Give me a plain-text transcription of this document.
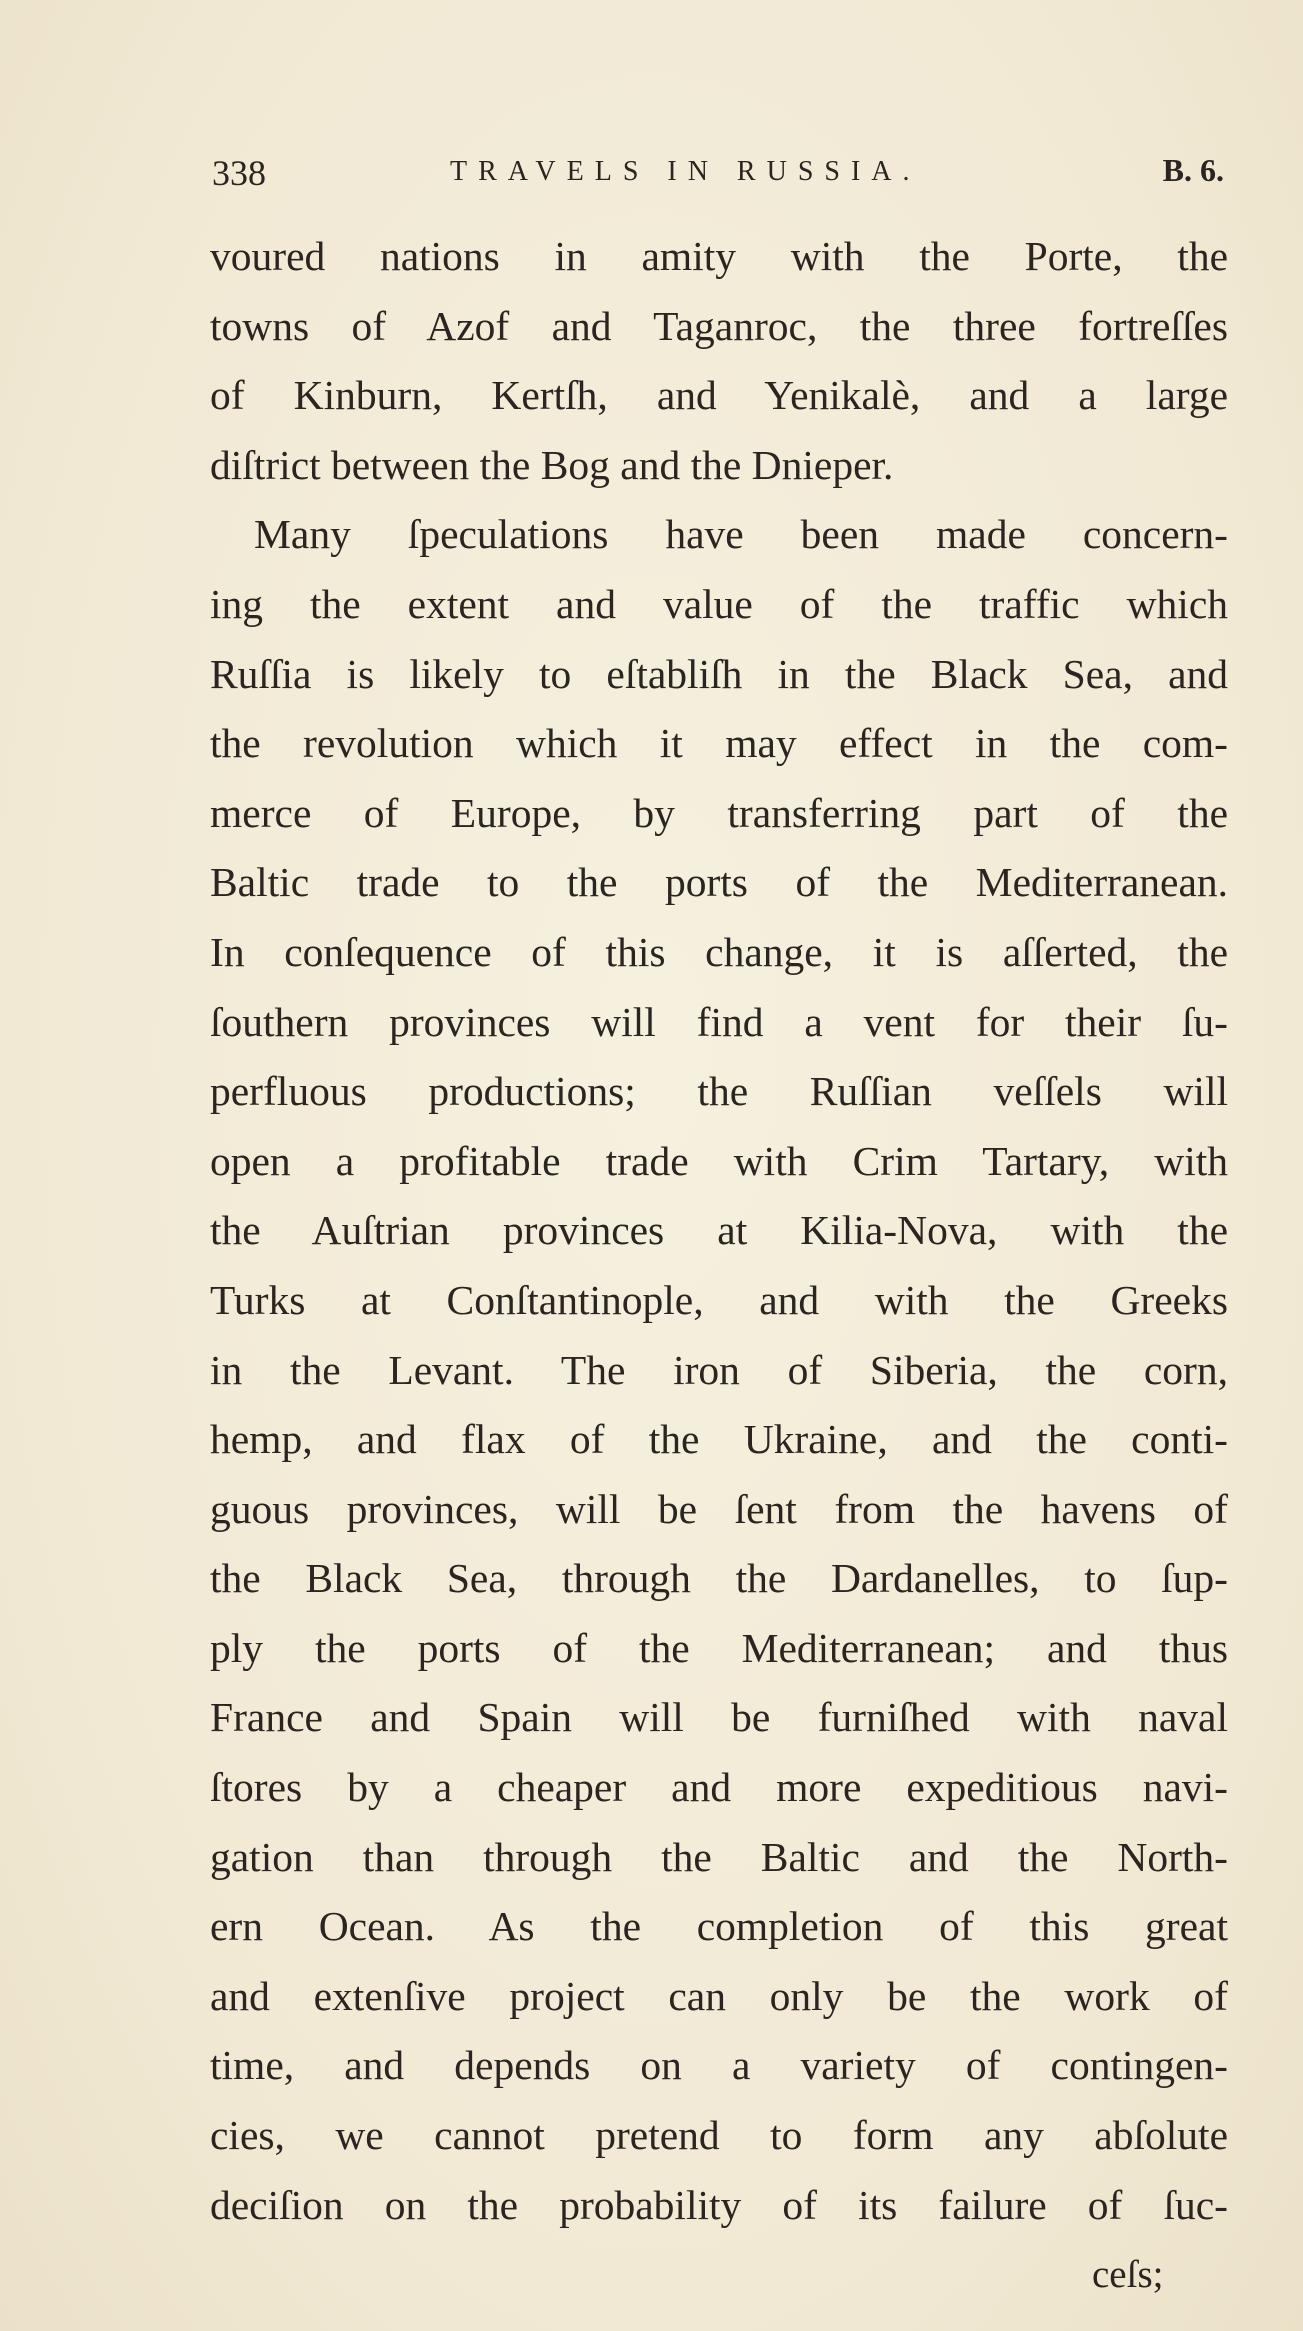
338	TRAVELS IN RUSSIA.	B. 6.
voured nations in amity with the Porte, the
towns of Azof and Taganroc, the three fortreſſes
of Kinburn, Kertſh, and Yenikalè, and a large
diſtrict between the Bog and the Dnieper.
Many ſpeculations have been made concern-
ing the extent and value of the traffic which
Ruſſia is likely to eſtabliſh in the Black Sea, and
the revolution which it may effect in the com-
merce of Europe, by transferring part of the
Baltic trade to the ports of the Mediterranean.
In conſequence of this change, it is aſſerted, the
ſouthern provinces will find a vent for their ſu-
perfluous productions; the Ruſſian veſſels will
open a profitable trade with Crim Tartary, with
the Auſtrian provinces at Kilia-Nova, with the
Turks at Conſtantinople, and with the Greeks
in the Levant. The iron of Siberia, the corn,
hemp, and flax of the Ukraine, and the conti-
guous provinces, will be ſent from the havens of
the Black Sea, through the Dardanelles, to ſup-
ply the ports of the Mediterranean; and thus
France and Spain will be furniſhed with naval
ſtores by a cheaper and more expeditious navi-
gation than through the Baltic and the North-
ern Ocean. As the completion of this great
and extenſive project can only be the work of
time, and depends on a variety of contingen-
cies, we cannot pretend to form any abſolute
deciſion on the probability of its failure of ſuc-
ceſs;
